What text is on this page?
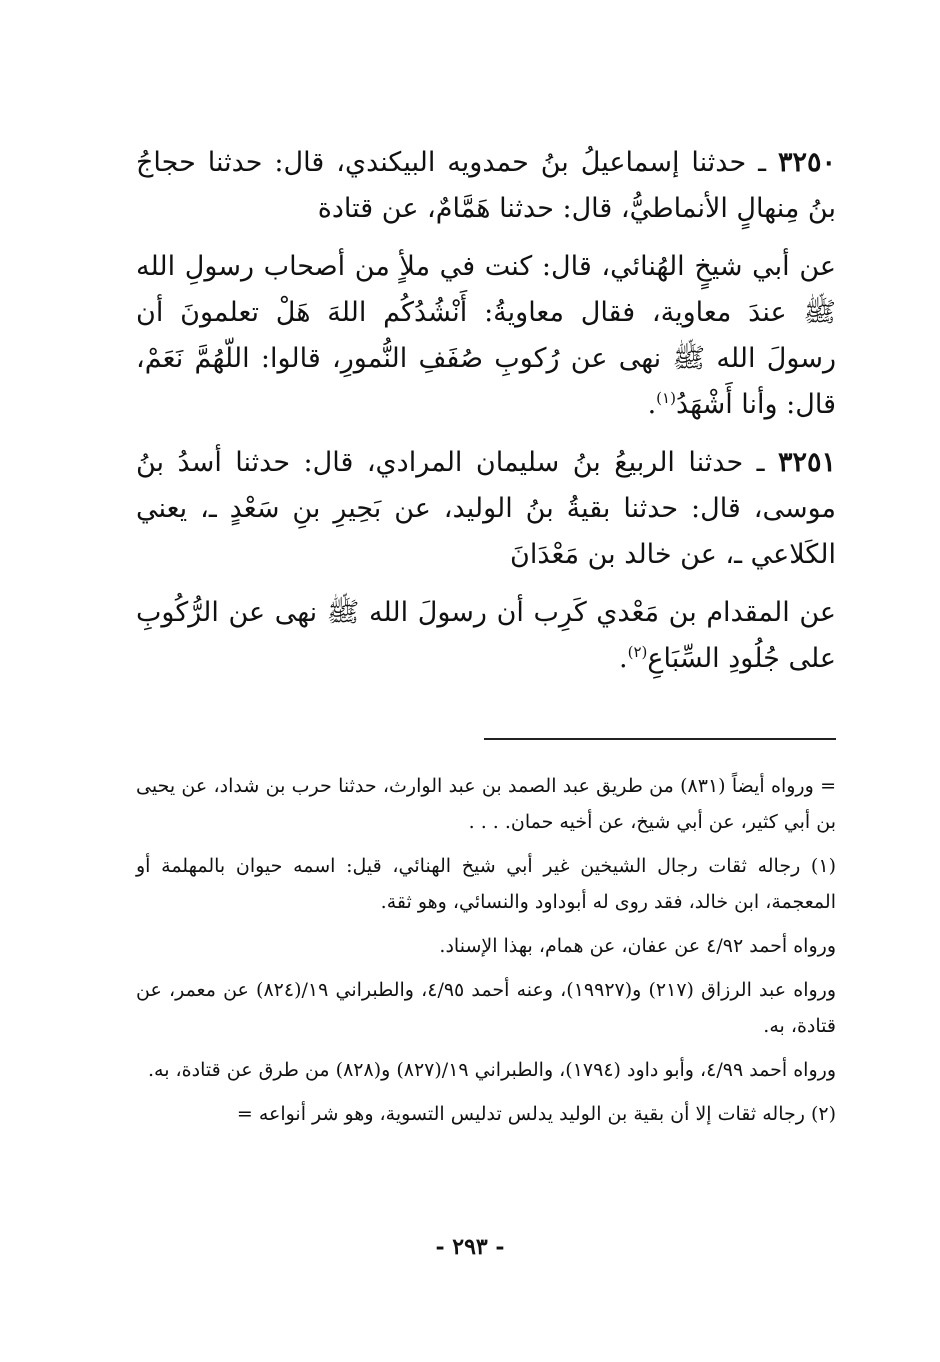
٣٢٥٠ ـ حدثنا إسماعيلُ بنُ حمدويه البيكندي، قال: حدثنا حجاجُ بنُ مِنهالٍ الأنماطيُّ، قال: حدثنا هَمَّامٌ، عن قتادة

عن أبي شيخٍ الهُنائي، قال: كنت في ملأٍ من أصحاب رسولِ الله ﷺ عندَ معاوية، فقال معاويةُ: أَنْشُدُكُم اللهَ هَلْ تعلمونَ أن رسولَ الله ﷺ نهى عن رُكوبِ صُفَفِ النُّمورِ، قالوا: اللّهُمَّ نَعَمْ، قال: وأنا أَشْهَدُ$^{(١)}$.

٣٢٥١ ـ حدثنا الربيعُ بنُ سليمان المرادي، قال: حدثنا أسدُ بنُ موسى، قال: حدثنا بقيةُ بنُ الوليد، عن بَحِيرِ بنِ سَعْدٍ ـ، يعني الكَلاعي ـ، عن خالد بن مَعْدَانَ

عن المقدام بن مَعْدي كَرِب أن رسولَ الله ﷺ نهى عن الرُّكُوبِ على جُلُودِ السِّبَاعِ$^{(٢)}$.

= ورواه أيضاً (٨٣١) من طريق عبد الصمد بن عبد الوارث، حدثنا حرب بن شداد، عن يحيى بن أبي كثير، عن أبي شيخ، عن أخيه حمان. . . .

(١) رجاله ثقات رجال الشيخين غير أبي شيخ الهنائي، قيل: اسمه حيوان بالمهلمة أو المعجمة، ابن خالد، فقد روى له أبوداود والنسائي، وهو ثقة.

ورواه أحمد ٤/٩٢ عن عفان، عن همام، بهذا الإسناد.

ورواه عبد الرزاق (٢١٧) و(١٩٩٢٧)، وعنه أحمد ٤/٩٥، والطبراني ١٩/(٨٢٤) عن معمر، عن قتادة، به.

ورواه أحمد ٤/٩٩، وأبو داود (١٧٩٤)، والطبراني ١٩/(٨٢٧) و(٨٢٨) من طرق عن قتادة، به.

(٢) رجاله ثقات إلا أن بقية بن الوليد يدلس تدليس التسوية، وهو شر أنواعه =

- ٢٩٣ -
